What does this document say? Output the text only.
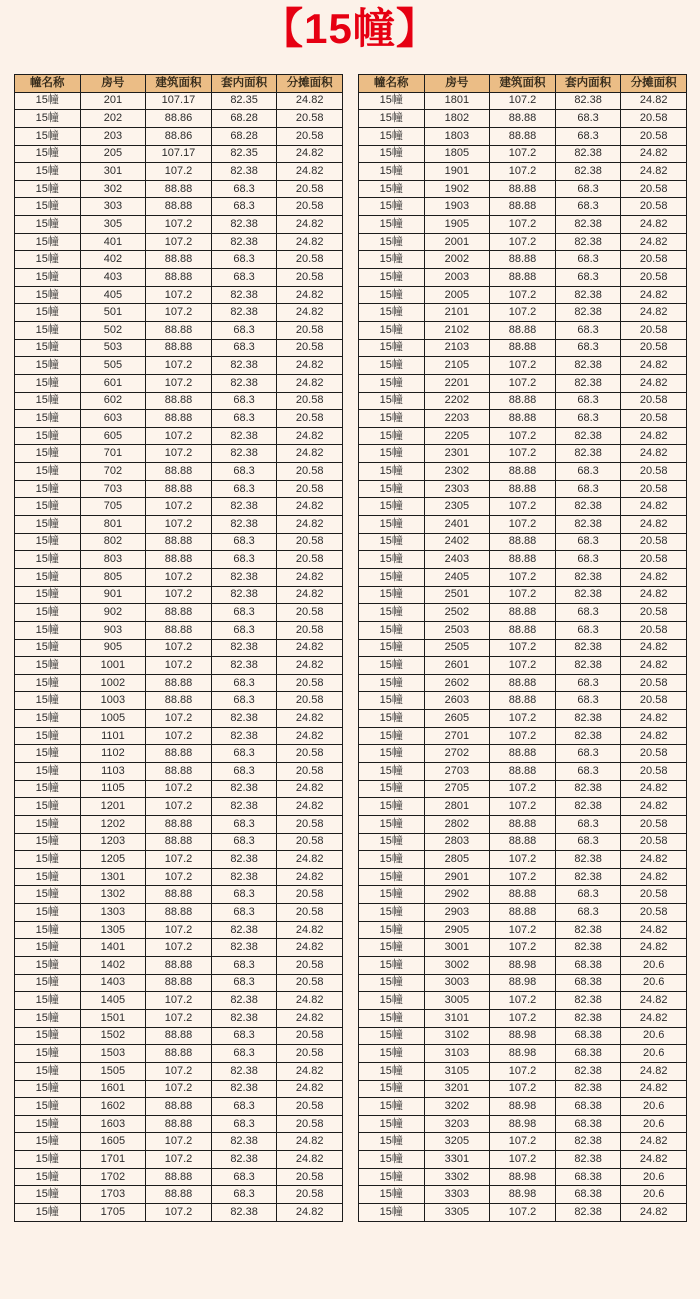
【15幢】
幢名称	房号	建筑面积	套内面积	分摊面积
15幢	201	107.17	82.35	24.82
15幢	202	88.86	68.28	20.58
15幢	203	88.86	68.28	20.58
15幢	205	107.17	82.35	24.82
15幢	301	107.2	82.38	24.82
15幢	302	88.88	68.3	20.58
15幢	303	88.88	68.3	20.58
15幢	305	107.2	82.38	24.82
15幢	401	107.2	82.38	24.82
15幢	402	88.88	68.3	20.58
15幢	403	88.88	68.3	20.58
15幢	405	107.2	82.38	24.82
15幢	501	107.2	82.38	24.82
15幢	502	88.88	68.3	20.58
15幢	503	88.88	68.3	20.58
15幢	505	107.2	82.38	24.82
15幢	601	107.2	82.38	24.82
15幢	602	88.88	68.3	20.58
15幢	603	88.88	68.3	20.58
15幢	605	107.2	82.38	24.82
15幢	701	107.2	82.38	24.82
15幢	702	88.88	68.3	20.58
15幢	703	88.88	68.3	20.58
15幢	705	107.2	82.38	24.82
15幢	801	107.2	82.38	24.82
15幢	802	88.88	68.3	20.58
15幢	803	88.88	68.3	20.58
15幢	805	107.2	82.38	24.82
15幢	901	107.2	82.38	24.82
15幢	902	88.88	68.3	20.58
15幢	903	88.88	68.3	20.58
15幢	905	107.2	82.38	24.82
15幢	1001	107.2	82.38	24.82
15幢	1002	88.88	68.3	20.58
15幢	1003	88.88	68.3	20.58
15幢	1005	107.2	82.38	24.82
15幢	1101	107.2	82.38	24.82
15幢	1102	88.88	68.3	20.58
15幢	1103	88.88	68.3	20.58
15幢	1105	107.2	82.38	24.82
15幢	1201	107.2	82.38	24.82
15幢	1202	88.88	68.3	20.58
15幢	1203	88.88	68.3	20.58
15幢	1205	107.2	82.38	24.82
15幢	1301	107.2	82.38	24.82
15幢	1302	88.88	68.3	20.58
15幢	1303	88.88	68.3	20.58
15幢	1305	107.2	82.38	24.82
15幢	1401	107.2	82.38	24.82
15幢	1402	88.88	68.3	20.58
15幢	1403	88.88	68.3	20.58
15幢	1405	107.2	82.38	24.82
15幢	1501	107.2	82.38	24.82
15幢	1502	88.88	68.3	20.58
15幢	1503	88.88	68.3	20.58
15幢	1505	107.2	82.38	24.82
15幢	1601	107.2	82.38	24.82
15幢	1602	88.88	68.3	20.58
15幢	1603	88.88	68.3	20.58
15幢	1605	107.2	82.38	24.82
15幢	1701	107.2	82.38	24.82
15幢	1702	88.88	68.3	20.58
15幢	1703	88.88	68.3	20.58
15幢	1705	107.2	82.38	24.82
幢名称	房号	建筑面积	套内面积	分摊面积
15幢	1801	107.2	82.38	24.82
15幢	1802	88.88	68.3	20.58
15幢	1803	88.88	68.3	20.58
15幢	1805	107.2	82.38	24.82
15幢	1901	107.2	82.38	24.82
15幢	1902	88.88	68.3	20.58
15幢	1903	88.88	68.3	20.58
15幢	1905	107.2	82.38	24.82
15幢	2001	107.2	82.38	24.82
15幢	2002	88.88	68.3	20.58
15幢	2003	88.88	68.3	20.58
15幢	2005	107.2	82.38	24.82
15幢	2101	107.2	82.38	24.82
15幢	2102	88.88	68.3	20.58
15幢	2103	88.88	68.3	20.58
15幢	2105	107.2	82.38	24.82
15幢	2201	107.2	82.38	24.82
15幢	2202	88.88	68.3	20.58
15幢	2203	88.88	68.3	20.58
15幢	2205	107.2	82.38	24.82
15幢	2301	107.2	82.38	24.82
15幢	2302	88.88	68.3	20.58
15幢	2303	88.88	68.3	20.58
15幢	2305	107.2	82.38	24.82
15幢	2401	107.2	82.38	24.82
15幢	2402	88.88	68.3	20.58
15幢	2403	88.88	68.3	20.58
15幢	2405	107.2	82.38	24.82
15幢	2501	107.2	82.38	24.82
15幢	2502	88.88	68.3	20.58
15幢	2503	88.88	68.3	20.58
15幢	2505	107.2	82.38	24.82
15幢	2601	107.2	82.38	24.82
15幢	2602	88.88	68.3	20.58
15幢	2603	88.88	68.3	20.58
15幢	2605	107.2	82.38	24.82
15幢	2701	107.2	82.38	24.82
15幢	2702	88.88	68.3	20.58
15幢	2703	88.88	68.3	20.58
15幢	2705	107.2	82.38	24.82
15幢	2801	107.2	82.38	24.82
15幢	2802	88.88	68.3	20.58
15幢	2803	88.88	68.3	20.58
15幢	2805	107.2	82.38	24.82
15幢	2901	107.2	82.38	24.82
15幢	2902	88.88	68.3	20.58
15幢	2903	88.88	68.3	20.58
15幢	2905	107.2	82.38	24.82
15幢	3001	107.2	82.38	24.82
15幢	3002	88.98	68.38	20.6
15幢	3003	88.98	68.38	20.6
15幢	3005	107.2	82.38	24.82
15幢	3101	107.2	82.38	24.82
15幢	3102	88.98	68.38	20.6
15幢	3103	88.98	68.38	20.6
15幢	3105	107.2	82.38	24.82
15幢	3201	107.2	82.38	24.82
15幢	3202	88.98	68.38	20.6
15幢	3203	88.98	68.38	20.6
15幢	3205	107.2	82.38	24.82
15幢	3301	107.2	82.38	24.82
15幢	3302	88.98	68.38	20.6
15幢	3303	88.98	68.38	20.6
15幢	3305	107.2	82.38	24.82
